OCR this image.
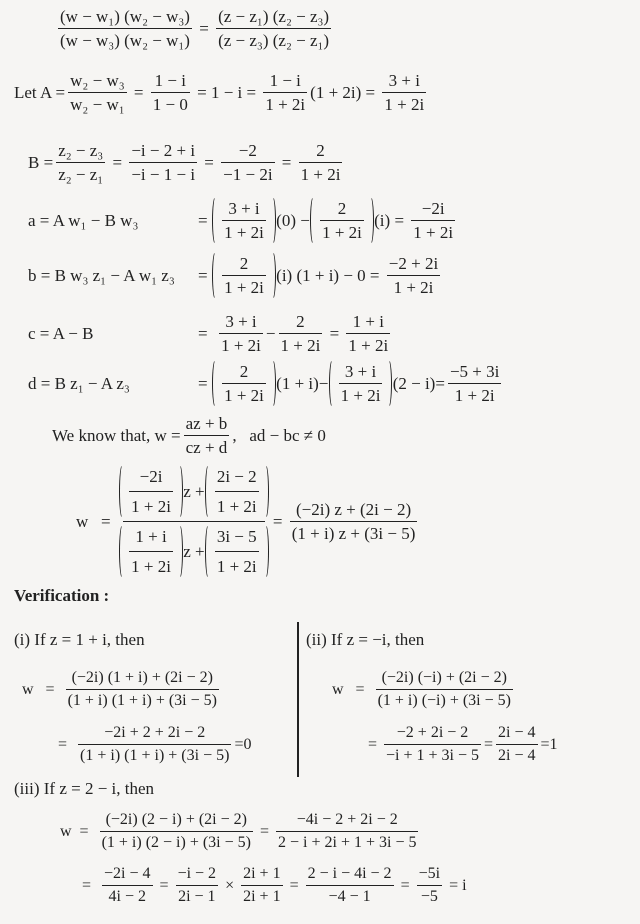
$\frac{\text{(w − w₁) (w₂ − w₃)}}{\text{(w − w₃) (w₂ − w₁)}} = \frac{\text{(z − z₁) (z₂ − z₃)}}{\text{(z − z₃) (z₂ − z₁)}}$
Let $A = \frac{\text{w₂ − w₃}}{\text{w₂ − w₁}} = \frac{1 - i}{1 - 0} = 1 - i = \frac{1 - i}{1 + 2i} (1 + 2i) = \frac{3 + i}{1 + 2i}$
$B = \frac{\text{z₂ − z₃}}{\text{z₂ − z₁}} = \frac{-i - 2 + i}{-i - 1 - i} = \frac{-2}{-1 - 2i} = \frac{2}{1 + 2i}$
a = A w₁ − B w₃	= $\frac{3 + i}{1 + 2i}$
(0) −
$\frac{2}{1 + 2i}$
$(i) = \frac{-2i}{1 + 2i}$
b = B w₃ z₁ − A w₁ z₃	= $\frac{2}{1 + 2i}$
(i) $(1 + i) - 0 = \frac{-2 + 2i}{1 + 2i}$
c = A − B	= $\frac{3 + i}{1 + 2i} - \frac{2}{1 + 2i} = \frac{1 + i}{1 + 2i}$
d = B z₁ − A z₃	= $\frac{2}{1 + 2i}$
(1 + i)−
$\frac{3 + i}{1 + 2i}$
$(2 - i) = \frac{-5 + 3i}{1 + 2i}$
We know that, $w = \frac{az + b}{cz + d}$ , ad − bc ≠ 0
w =
$\frac{-2i}{1 + 2i}$ $z + \frac{2i - 2}{1 + 2i}$
$\frac{1 + i}{1 + 2i}$ $z + \frac{3i - 5}{1 + 2i}$
= $\frac{(-2i) z + (2i - 2)}{(1 + i) z + (3i - 5)}$
Verification :
(i) If z = 1 + i, then
$w = \frac{(-2i) (1 + i) + (2i - 2)}{(1 + i) (1 + i) + (3i - 5)}$
= $\frac{-2i + 2 + 2i - 2}{(1 + i) (1 + i) + (3i - 5)} =0$
(ii) If z = −i, then
$w = \frac{(-2i) (-i) + (2i - 2)}{(1 + i) (-i) + (3i - 5)}$
= $\frac{-2 + 2i - 2}{-i + 1 + 3i - 5} = \frac{2i - 4}{2i - 4} =1$
(iii) If z = 2 − i, then
$w = \frac{(-2i) (2 - i) + (2i - 2)}{(1 + i) (2 - i) + (3i - 5)} = \frac{-4i - 2 + 2i - 2}{2 - i + 2i + 1 + 3i - 5}$
= $\frac{-2i - 4}{4i - 2} = \frac{-i - 2}{2i - 1} \times \frac{2i + 1}{2i + 1} = \frac{2 - i - 4i - 2}{-4 - 1} = \frac{-5i}{-5} = i$
